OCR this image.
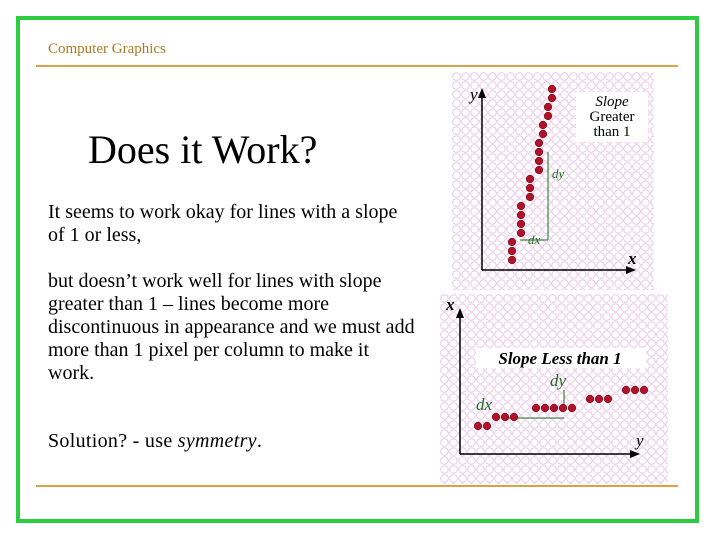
Computer Graphics
Does it Work?
It seems to work okay for lines with a slope of 1 or less,
but doesn’t work well for lines with slope greater than 1 – lines become more discontinuous in appearance and we must add more than 1 pixel per column to make it work.
Solution? - use symmetry.
y
x
Slope
Greater
than 1
dy
dx
x
y
Slope Less than 1
dy
dx
